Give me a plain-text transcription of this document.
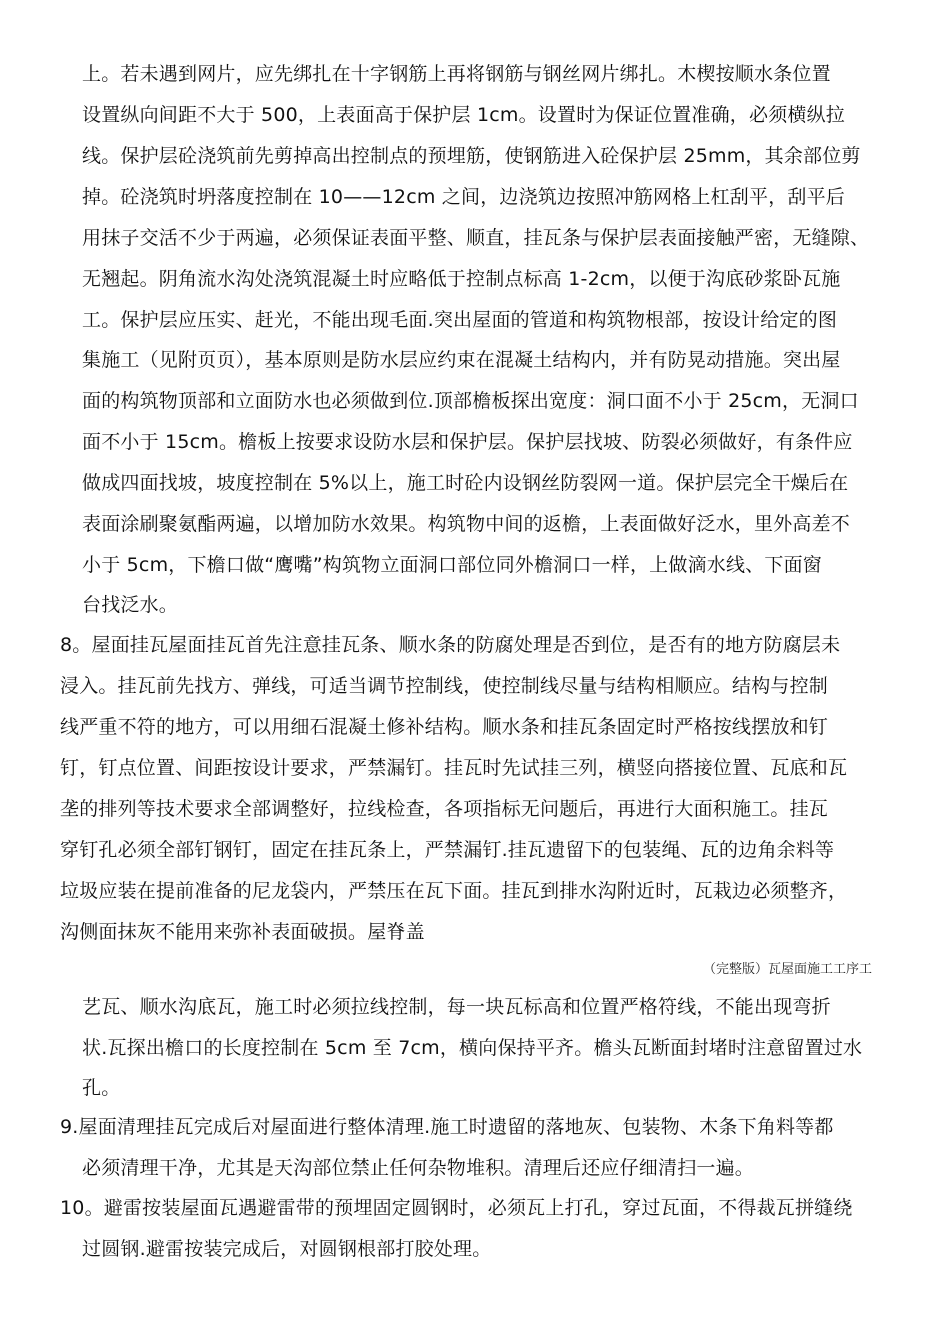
上。若未遇到网片，应先绑扎在十字钢筋上再将钢筋与钢丝网片绑扎。木楔按顺水条位置
设置纵向间距不大于 500，上表面高于保护层 1cm。设置时为保证位置准确，必须横纵拉
线。保护层砼浇筑前先剪掉高出控制点的预埋筋，使钢筋进入砼保护层 25mm，其余部位剪
掉。砼浇筑时坍落度控制在 10——12cm 之间，边浇筑边按照冲筋网格上杠刮平，刮平后
用抹子交活不少于两遍，必须保证表面平整、顺直，挂瓦条与保护层表面接触严密，无缝隙、
无翘起。阴角流水沟处浇筑混凝土时应略低于控制点标高 1-2cm，以便于沟底砂浆卧瓦施
工。保护层应压实、赶光，不能出现毛面.突出屋面的管道和构筑物根部，按设计给定的图
集施工（见附页页），基本原则是防水层应约束在混凝土结构内，并有防晃动措施。突出屋
面的构筑物顶部和立面防水也必须做到位.顶部檐板探出宽度：洞口面不小于 25cm，无洞口
面不小于 15cm。檐板上按要求设防水层和保护层。保护层找坡、防裂必须做好，有条件应
做成四面找坡，坡度控制在 5%以上，施工时砼内设钢丝防裂网一道。保护层完全干燥后在
表面涂刷聚氨酯两遍，以增加防水效果。构筑物中间的返檐，上表面做好泛水，里外高差不
小于 5cm，下檐口做“鹰嘴”构筑物立面洞口部位同外檐洞口一样，上做滴水线、下面窗
台找泛水。
8。屋面挂瓦屋面挂瓦首先注意挂瓦条、顺水条的防腐处理是否到位，是否有的地方防腐层未
浸入。挂瓦前先找方、弹线，可适当调节控制线，使控制线尽量与结构相顺应。结构与控制
线严重不符的地方，可以用细石混凝土修补结构。顺水条和挂瓦条固定时严格按线摆放和钉
钉，钉点位置、间距按设计要求，严禁漏钉。挂瓦时先试挂三列，横竖向搭接位置、瓦底和瓦
垄的排列等技术要求全部调整好，拉线检查，各项指标无问题后，再进行大面积施工。挂瓦
穿钉孔必须全部钉钢钉，固定在挂瓦条上，严禁漏钉.挂瓦遗留下的包装绳、瓦的边角余料等
垃圾应装在提前准备的尼龙袋内，严禁压在瓦下面。挂瓦到排水沟附近时，瓦栽边必须整齐，
沟侧面抹灰不能用来弥补表面破损。屋脊盖
（完整版）瓦屋面施工工序工
艺瓦、顺水沟底瓦，施工时必须拉线控制，每一块瓦标高和位置严格符线，不能出现弯折
状.瓦探出檐口的长度控制在 5cm 至 7cm，横向保持平齐。檐头瓦断面封堵时注意留置过水
孔。
9.屋面清理挂瓦完成后对屋面进行整体清理.施工时遗留的落地灰、包装物、木条下角料等都
必须清理干净，尤其是天沟部位禁止任何杂物堆积。清理后还应仔细清扫一遍。
10。避雷按装屋面瓦遇避雷带的预埋固定圆钢时，必须瓦上打孔，穿过瓦面，不得裁瓦拼缝绕
过圆钢.避雷按装完成后，对圆钢根部打胶处理。
